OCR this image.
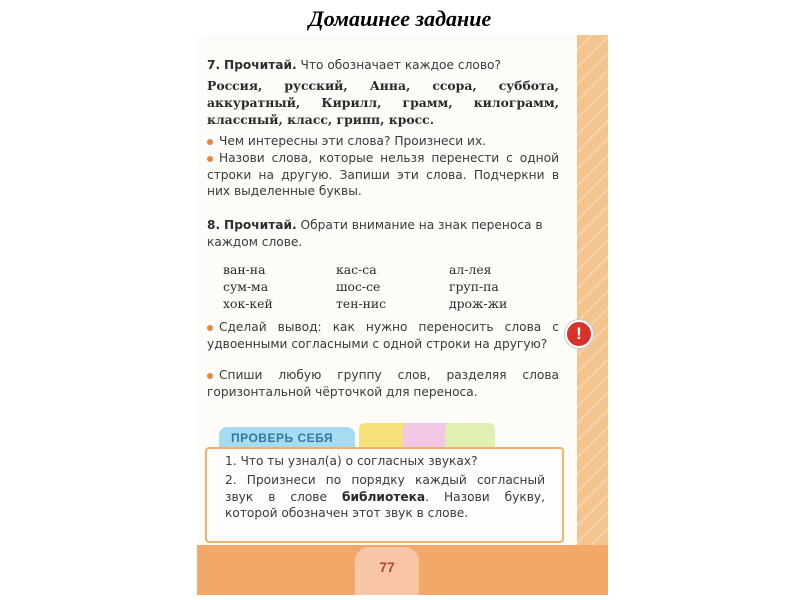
Домашнее задание
77
7. Прочитай. Что обозначает каждое слово?
Россия, русский, Анна, ссора, суббота, аккуратный, Кирилл, грамм, килограмм, классный, класс, грипп, кросс.
Чем интересны эти слова? Произнеси их.
Назови слова, которые нельзя перенести с одной строки на другую. Запиши эти слова. Подчеркни в них выделенные буквы.
8. Прочитай. Обрати внимание на знак переноса в каждом слове.
ван-на
сум-ма
хок-кей
кас-са
шос-се
тен-нис
ал-лея
груп-па
дрож-жи
Сделай вывод: как нужно переносить слова с удвоенными согласными с одной строки на другую?
Спиши любую группу слов, разделяя слова горизонтальной чёрточкой для переноса.
!
ПРОВЕРЬ СЕБЯ
1. Что ты узнал(а) о согласных звуках?
2. Произнеси по порядку каждый согласный звук в слове библиотека. Назови букву, которой обозначен этот звук в слове.
